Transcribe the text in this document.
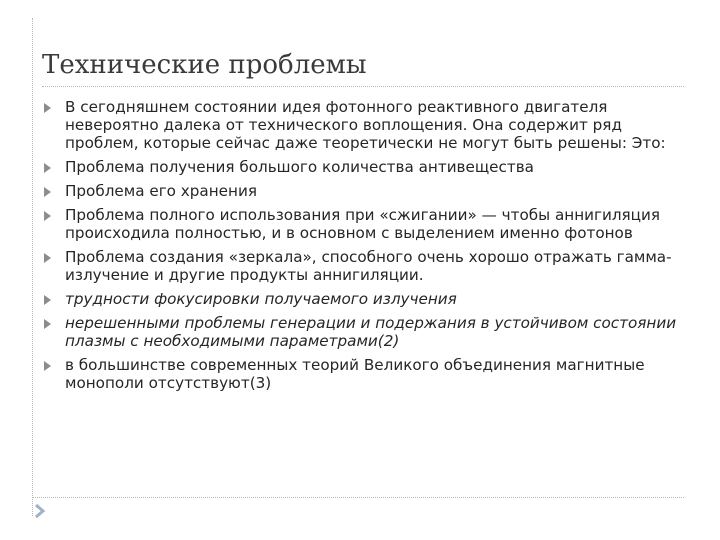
Технические проблемы
В сегодняшнем состоянии идея фотонного реактивного двигателя невероятно далека от технического воплощения. Она содержит ряд проблем, которые сейчас даже теоретически не могут быть решены: Это:
Проблема получения большого количества антивещества
Проблема его хранения
Проблема полного использования при «сжигании» — чтобы аннигиляция происходила полностью, и в основном с выделением именно фотонов
Проблема создания «зеркала», способного очень хорошо отражать гамма-излучение и другие продукты аннигиляции.
трудности фокусировки получаемого излучения
нерешенными проблемы генерации и подержания в устойчивом состоянии плазмы с необходимыми параметрами(2)
в большинстве современных теорий Великого объединения магнитные монополи отсутствуют(3)
